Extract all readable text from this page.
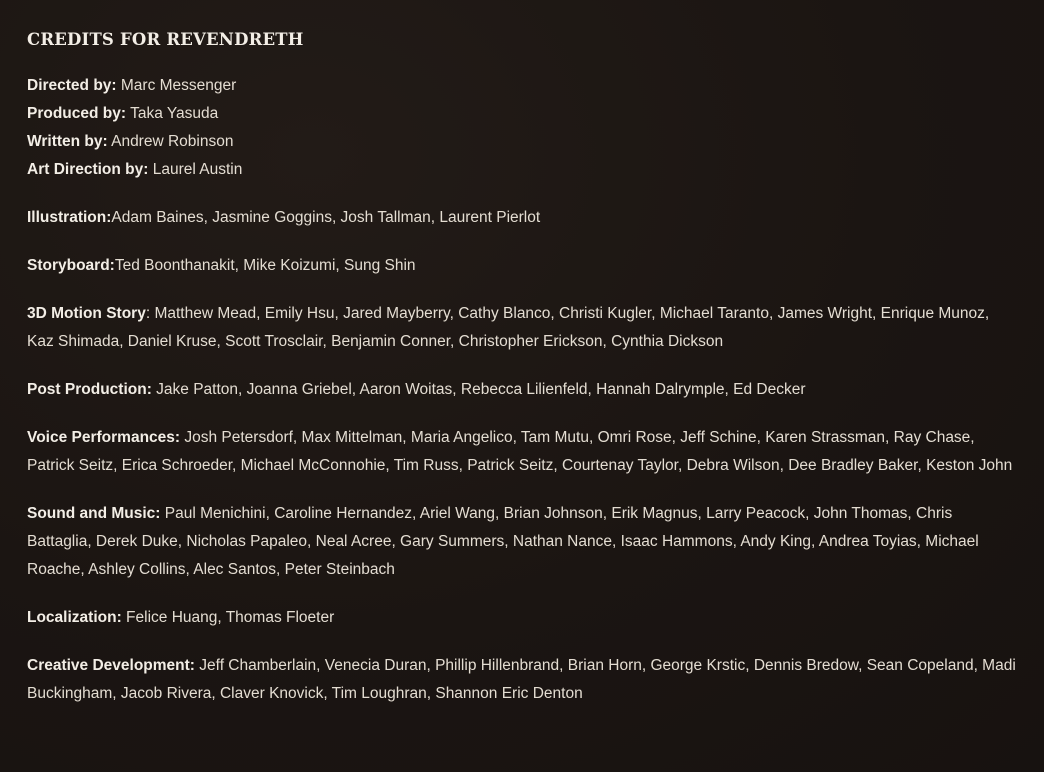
CREDITS FOR REVENDRETH
Directed by: Marc Messenger
Produced by: Taka Yasuda
Written by: Andrew Robinson
Art Direction by: Laurel Austin
Illustration:Adam Baines, Jasmine Goggins, Josh Tallman, Laurent Pierlot
Storyboard:Ted Boonthanakit, Mike Koizumi, Sung Shin
3D Motion Story: Matthew Mead, Emily Hsu, Jared Mayberry, Cathy Blanco, Christi Kugler, Michael Taranto, James Wright, Enrique Munoz, Kaz Shimada, Daniel Kruse, Scott Trosclair, Benjamin Conner, Christopher Erickson, Cynthia Dickson
Post Production: Jake Patton, Joanna Griebel, Aaron Woitas, Rebecca Lilienfeld, Hannah Dalrymple, Ed Decker
Voice Performances: Josh Petersdorf, Max Mittelman, Maria Angelico, Tam Mutu, Omri Rose, Jeff Schine, Karen Strassman, Ray Chase, Patrick Seitz, Erica Schroeder, Michael McConnohie, Tim Russ, Patrick Seitz, Courtenay Taylor, Debra Wilson, Dee Bradley Baker, Keston John
Sound and Music: Paul Menichini, Caroline Hernandez, Ariel Wang, Brian Johnson, Erik Magnus, Larry Peacock, John Thomas, Chris Battaglia, Derek Duke, Nicholas Papaleo, Neal Acree, Gary Summers, Nathan Nance, Isaac Hammons, Andy King, Andrea Toyias, Michael Roache, Ashley Collins, Alec Santos, Peter Steinbach
Localization: Felice Huang, Thomas Floeter
Creative Development: Jeff Chamberlain, Venecia Duran, Phillip Hillenbrand, Brian Horn, George Krstic, Dennis Bredow, Sean Copeland, Madi Buckingham, Jacob Rivera, Claver Knovick, Tim Loughran, Shannon Eric Denton
